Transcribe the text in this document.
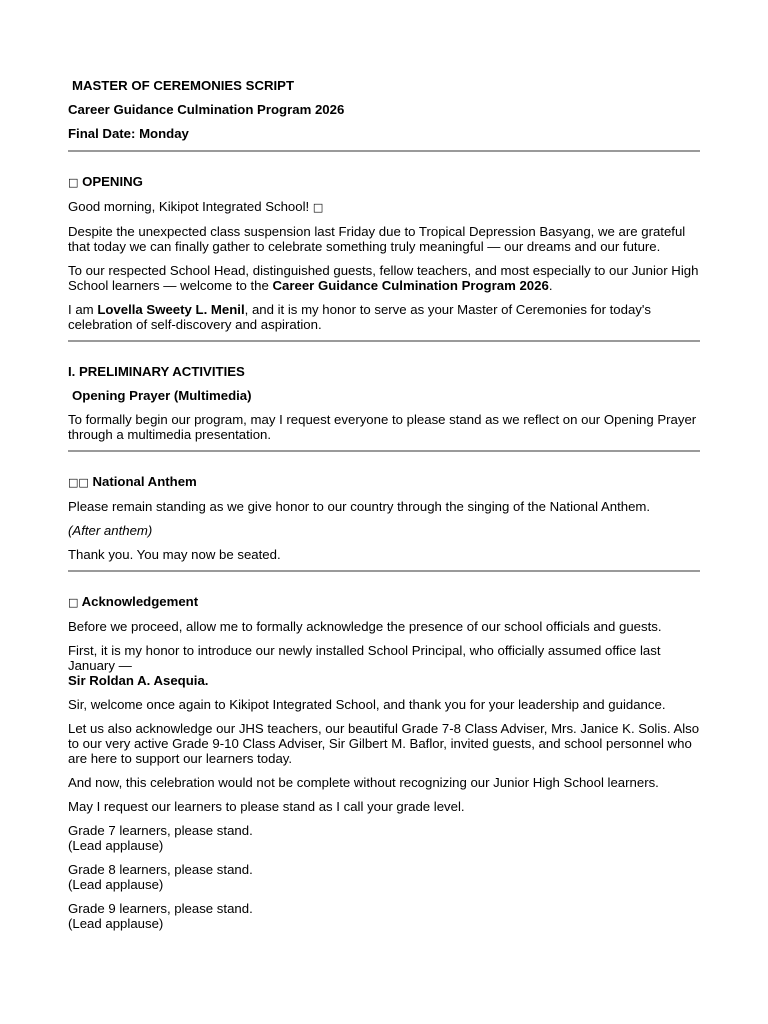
MASTER OF CEREMONIES SCRIPT
Career Guidance Culmination Program 2026
Final Date: Monday
□ OPENING
Good morning, Kikipot Integrated School! □
Despite the unexpected class suspension last Friday due to Tropical Depression Basyang, we are grateful that today we can finally gather to celebrate something truly meaningful — our dreams and our future.
To our respected School Head, distinguished guests, fellow teachers, and most especially to our Junior High School learners — welcome to the Career Guidance Culmination Program 2026.
I am Lovella Sweety L. Menil, and it is my honor to serve as your Master of Ceremonies for today's celebration of self-discovery and aspiration.
I. PRELIMINARY ACTIVITIES
Opening Prayer (Multimedia)
To formally begin our program, may I request everyone to please stand as we reflect on our Opening Prayer through a multimedia presentation.
□□ National Anthem
Please remain standing as we give honor to our country through the singing of the National Anthem.
(After anthem)
Thank you. You may now be seated.
□ Acknowledgement
Before we proceed, allow me to formally acknowledge the presence of our school officials and guests.
First, it is my honor to introduce our newly installed School Principal, who officially assumed office last January —
Sir Roldan A. Asequia.
Sir, welcome once again to Kikipot Integrated School, and thank you for your leadership and guidance.
Let us also acknowledge our JHS teachers, our beautiful Grade 7-8 Class Adviser, Mrs. Janice K. Solis. Also to our very active Grade 9-10 Class Adviser, Sir Gilbert M. Baflor, invited guests, and school personnel who are here to support our learners today.
And now, this celebration would not be complete without recognizing our Junior High School learners.
May I request our learners to please stand as I call your grade level.
Grade 7 learners, please stand.
(Lead applause)
Grade 8 learners, please stand.
(Lead applause)
Grade 9 learners, please stand.
(Lead applause)
